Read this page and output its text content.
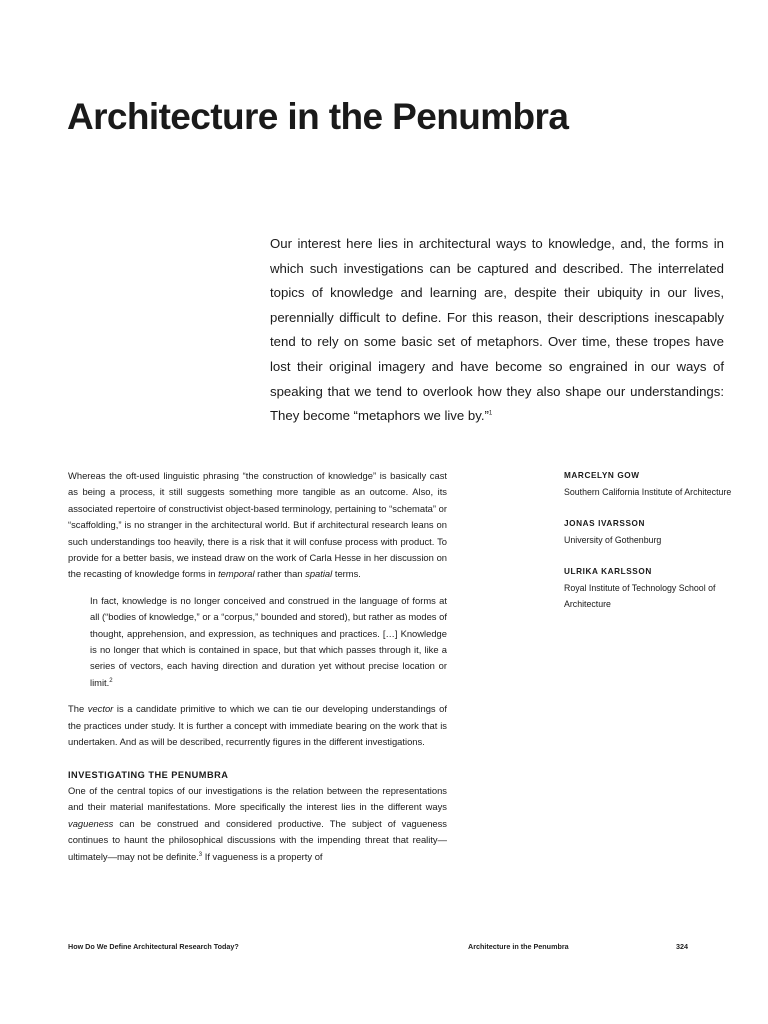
Architecture in the Penumbra

Our interest here lies in architectural ways to knowledge, and, the forms in which such investigations can be captured and described. The interrelated topics of knowledge and learning are, despite their ubiquity in our lives, perennially difficult to define. For this reason, their descriptions inescapably tend to rely on some basic set of metaphors. Over time, these tropes have lost their original imagery and have become so engrained in our ways of speaking that we tend to overlook how they also shape our understandings: They become “metaphors we live by.”$^1$

Whereas the oft-used linguistic phrasing “the construction of knowledge” is basically cast as being a process, it still suggests something more tangible as an outcome. Also, its associated repertoire of constructivist object-based terminology, pertaining to “schemata” or “scaffolding,” is no stranger in the architectural world. But if architectural research leans on such understandings too heavily, there is a risk that it will confuse process with product. To provide for a better basis, we instead draw on the work of Carla Hesse in her discussion on the recasting of knowledge forms in temporal rather than spatial terms.

In fact, knowledge is no longer conceived and construed in the language of forms at all (“bodies of knowledge,” or a “corpus,” bounded and stored), but rather as modes of thought, apprehension, and expression, as techniques and practices. […] Knowledge is no longer that which is contained in space, but that which passes through it, like a series of vectors, each having direction and duration yet without precise location or limit.$^2$

The vector is a candidate primitive to which we can tie our developing understandings of the practices under study. It is further a concept with immediate bearing on the work that is undertaken. And as will be described, recurrently figures in the different investigations.

INVESTIGATING THE PENUMBRA

One of the central topics of our investigations is the relation between the representations and their material manifestations. More specifically the interest lies in the different ways vagueness can be construed and considered productive. The subject of vagueness continues to haunt the philosophical discussions with the impending threat that reality—ultimately—may not be definite.$^3$ If vagueness is a property of

MARCELYN GOW
Southern California Institute of Architecture
JONAS IVARSSON
University of Gothenburg
ULRIKA KARLSSON
Royal Institute of Technology School of Architecture
How Do We Define Architectural Research Today?	Architecture in the Penumbra	324
